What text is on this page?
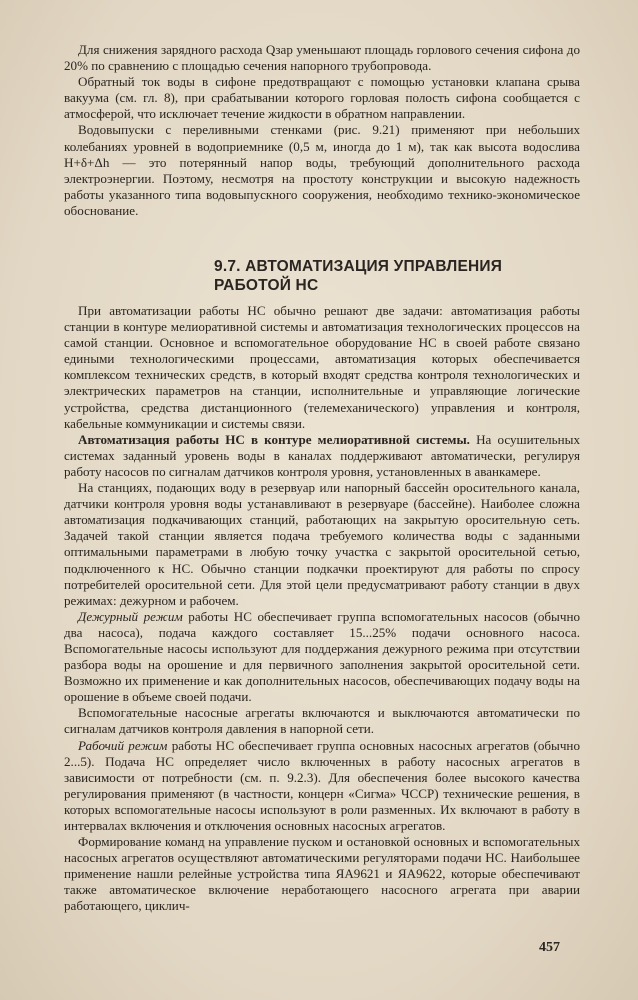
Для снижения зарядного расхода Qзар уменьшают площадь горлового сечения сифона до 20% по сравнению с площадью сечения напорного трубопровода.

Обратный ток воды в сифоне предотвращают с помощью установки клапана срыва вакуума (см. гл. 8), при срабатывании которого горловая полость сифона сообщается с атмосферой, что исключает течение жидкости в обратном направлении.

Водовыпуски с переливными стенками (рис. 9.21) применяют при небольших колебаниях уровней в водоприемнике (0,5 м, иногда до 1 м), так как высота водослива H+δ+Δh — это потерянный напор воды, требующий дополнительного расхода электроэнергии. Поэтому, несмотря на простоту конструкции и высокую надежность работы указанного типа водовыпускного сооружения, необходимо технико-экономическое обоснование.

9.7. АВТОМАТИЗАЦИЯ УПРАВЛЕНИЯ
РАБОТОЙ НС

При автоматизации работы НС обычно решают две задачи: автоматизация работы станции в контуре мелиоративной системы и автоматизация технологических процессов на самой станции. Основное и вспомогательное оборудование НС в своей работе связано едиными технологическими процессами, автоматизация которых обеспечивается комплексом технических средств, в который входят средства контроля технологических и электрических параметров на станции, исполнительные и управляющие логические устройства, средства дистанционного (телемеханического) управления и контроля, кабельные коммуникации и системы связи.

Автоматизация работы НС в контуре мелиоративной системы. На осушительных системах заданный уровень воды в каналах поддерживают автоматически, регулируя работу насосов по сигналам датчиков контроля уровня, установленных в аванкамере.

На станциях, подающих воду в резервуар или напорный бассейн оросительного канала, датчики контроля уровня воды устанавливают в резервуаре (бассейне). Наиболее сложна автоматизация подкачивающих станций, работающих на закрытую оросительную сеть. Задачей такой станции является подача требуемого количества воды с заданными оптимальными параметрами в любую точку участка с закрытой оросительной сетью, подключенного к НС. Обычно станции подкачки проектируют для работы по спросу потребителей оросительной сети. Для этой цели предусматривают работу станции в двух режимах: дежурном и рабочем.

Дежурный режим работы НС обеспечивает группа вспомогательных насосов (обычно два насоса), подача каждого составляет 15...25% подачи основного насоса. Вспомогательные насосы используют для поддержания дежурного режима при отсутствии разбора воды на орошение и для первичного заполнения закрытой оросительной сети. Возможно их применение и как дополнительных насосов, обеспечивающих подачу воды на орошение в объеме своей подачи.

Вспомогательные насосные агрегаты включаются и выключаются автоматически по сигналам датчиков контроля давления в напорной сети.

Рабочий режим работы НС обеспечивает группа основных насосных агрегатов (обычно 2...5). Подача НС определяет число включенных в работу насосных агрегатов в зависимости от потребности (см. п. 9.2.3). Для обеспечения более высокого качества регулирования применяют (в частности, концерн «Сигма» ЧССР) технические решения, в которых вспомогательные насосы используют в роли разменных. Их включают в работу в интервалах включения и отключения основных насосных агрегатов.

Формирование команд на управление пуском и остановкой основных и вспомогательных насосных агрегатов осуществляют автоматическими регуляторами подачи НС. Наибольшее применение нашли релейные устройства типа ЯА9621 и ЯА9622, которые обеспечивают также автоматическое включение неработающего насосного агрегата при аварии работающего, циклич-

457
